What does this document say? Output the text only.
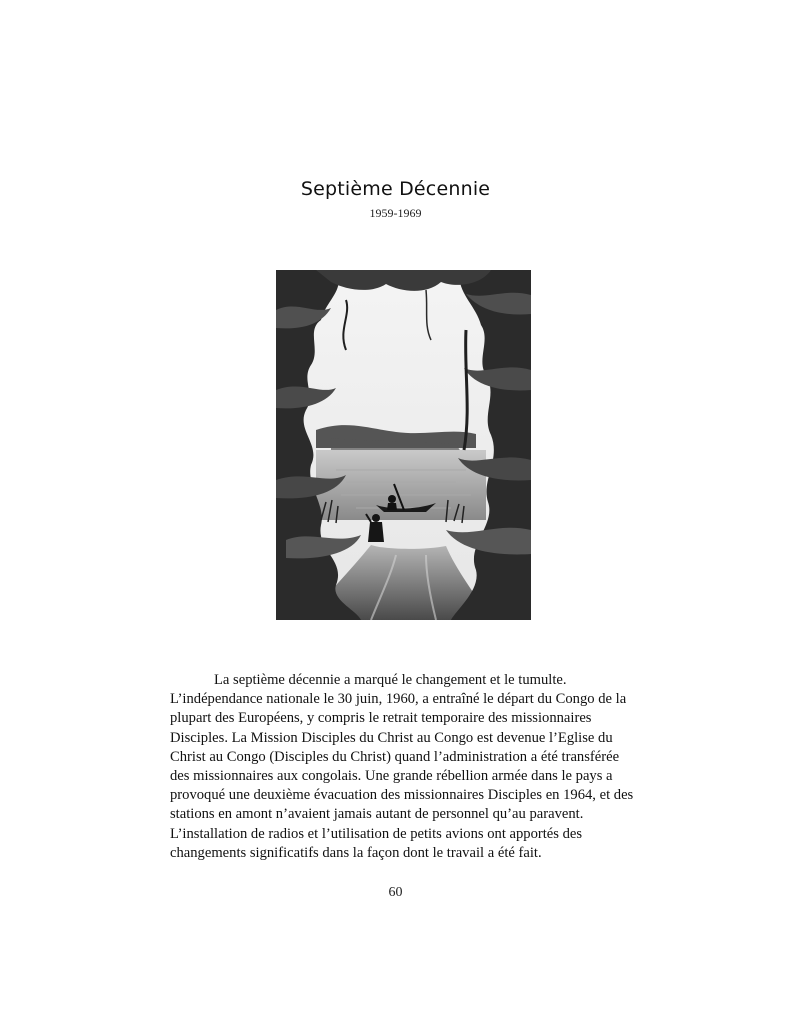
Septième Décennie
1959-1969

La septième décennie a marqué le changement et le tumulte. L’indépendance nationale le 30 juin, 1960, a entraîné le départ du Congo de la plupart des Européens, y compris le retrait temporaire des missionnaires Disciples. La Mission Disciples du Christ au Congo est devenue l’Eglise du Christ au Congo (Disciples du Christ) quand l’administration a été transférée des missionnaires aux congolais. Une grande rébellion armée dans le pays a provoqué une deuxième évacuation des missionnaires Disciples en 1964, et des stations en amont n’avaient jamais autant de personnel qu’au paravent. L’installation de radios et l’utilisation de petits avions ont apportés des changements significatifs dans la façon dont le travail a été fait.

60
